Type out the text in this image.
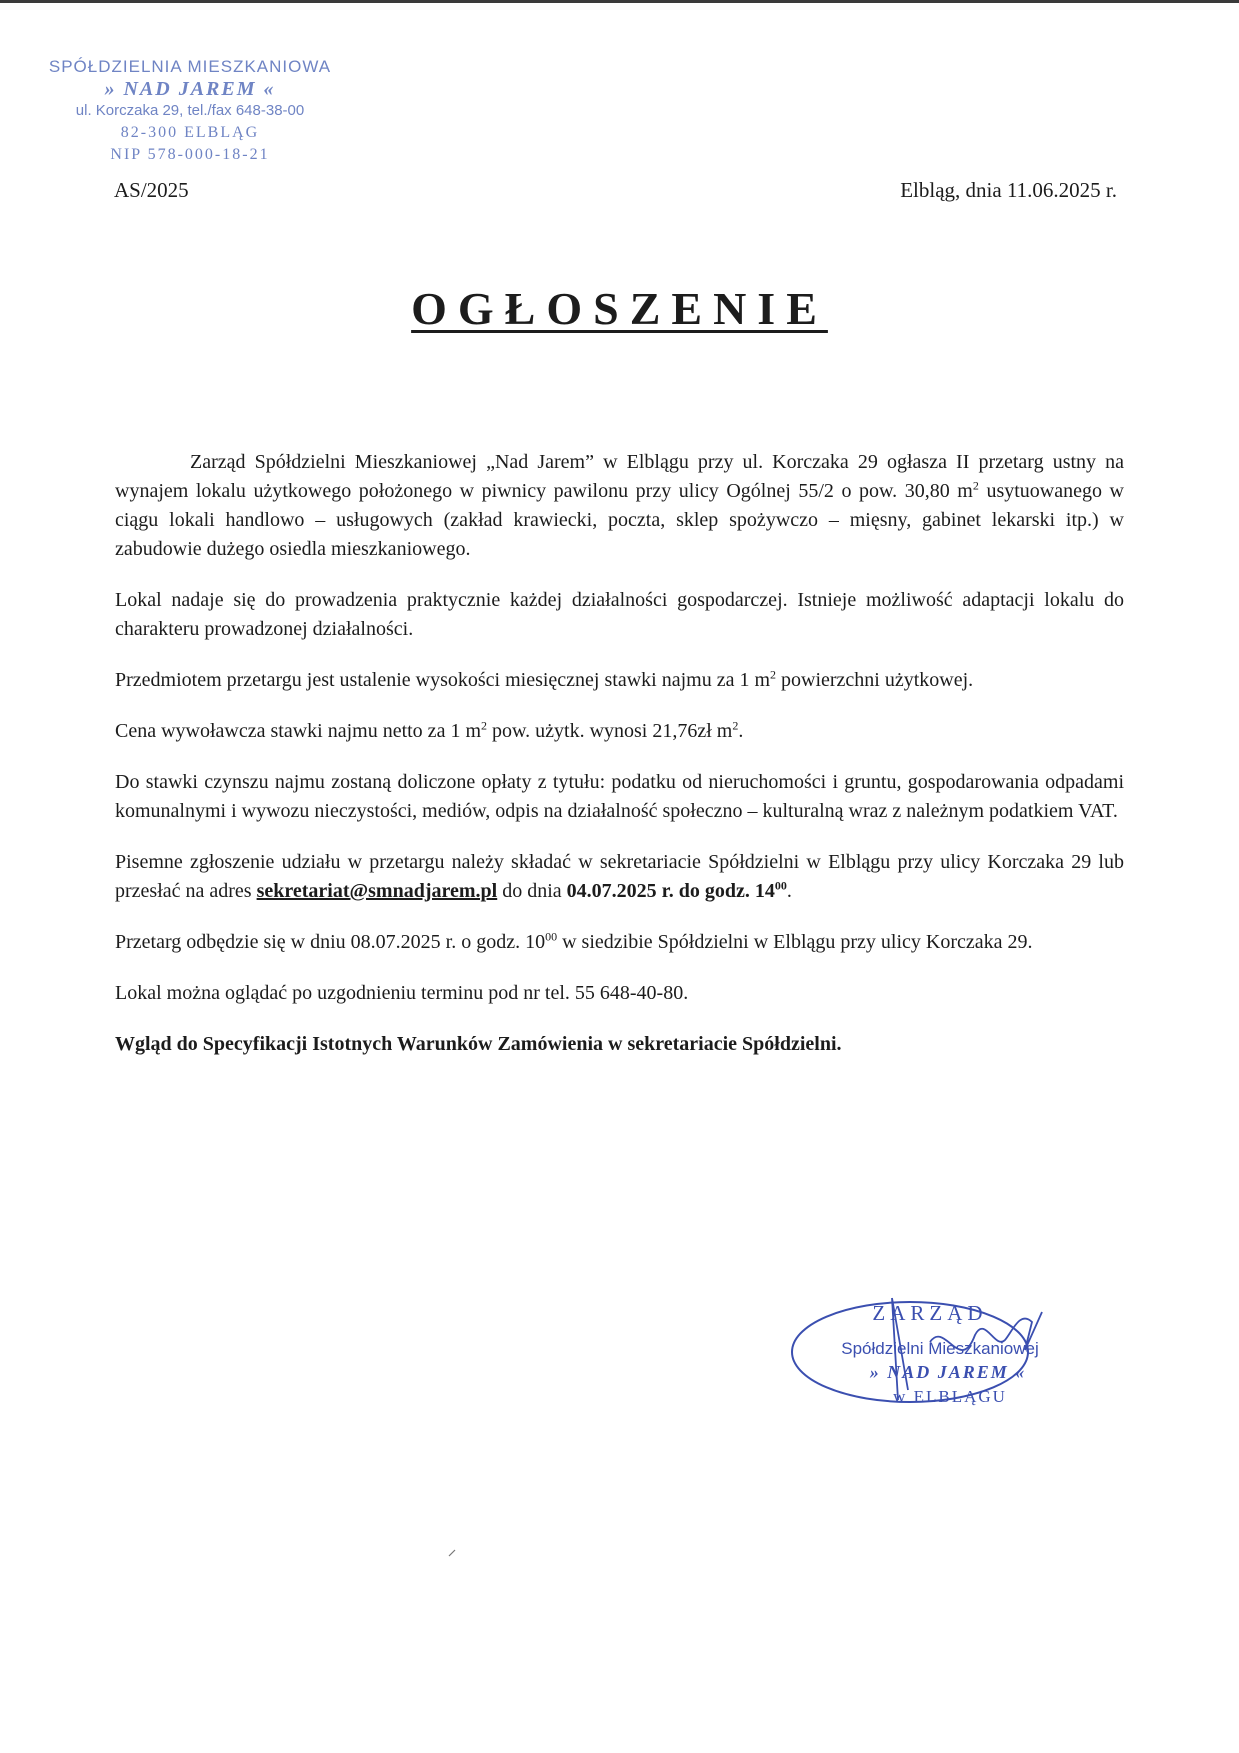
SPÓŁDZIELNIA MIESZKANIOWA
» NAD JAREM «
ul. Korczaka 29, tel./fax 648-38-00
82-300 ELBLĄG
NIP 578-000-18-21
AS/2025	Elbląg, dnia 11.06.2025 r.
OGŁOSZENIE

Zarząd Spółdzielni Mieszkaniowej „Nad Jarem” w Elblągu przy ul. Korczaka 29 ogłasza II przetarg ustny na wynajem lokalu użytkowego położonego w piwnicy pawilonu przy ulicy Ogólnej 55/2 o pow. 30,80 $m^2$ usytuowanego w ciągu lokali handlowo – usługowych (zakład krawiecki, poczta, sklep spożywczo – mięsny, gabinet lekarski itp.) w zabudowie dużego osiedla mieszkaniowego.

Lokal nadaje się do prowadzenia praktycznie każdej działalności gospodarczej. Istnieje możliwość adaptacji lokalu do charakteru prowadzonej działalności.

Przedmiotem przetargu jest ustalenie wysokości miesięcznej stawki najmu za 1 $m^2$ powierzchni użytkowej.

Cena wywoławcza stawki najmu netto za 1 $m^2$ pow. użytk. wynosi 21,76zł $m^2$.

Do stawki czynszu najmu zostaną doliczone opłaty z tytułu: podatku od nieruchomości i gruntu, gospodarowania odpadami komunalnymi i wywozu nieczystości, mediów, odpis na działalność społeczno – kulturalną wraz z należnym podatkiem VAT.

Pisemne zgłoszenie udziału w przetargu należy składać w sekretariacie Spółdzielni w Elblągu przy ulicy Korczaka 29 lub przesłać na adres sekretariat@smnadjarem.pl do dnia 04.07.2025 r. do godz. $14^{00}$.

Przetarg odbędzie się w dniu 08.07.2025 r. o godz. $10^{00}$ w siedzibie Spółdzielni w Elblągu przy ulicy Korczaka 29.

Lokal można oglądać po uzgodnieniu terminu pod nr tel. 55 648-40-80.

Wgląd do Specyfikacji Istotnych Warunków Zamówienia w sekretariacie Spółdzielni.

ZARZĄD
Spółdzielni Mieszkaniowej
» NAD JAREM «
w ELBLĄGU
